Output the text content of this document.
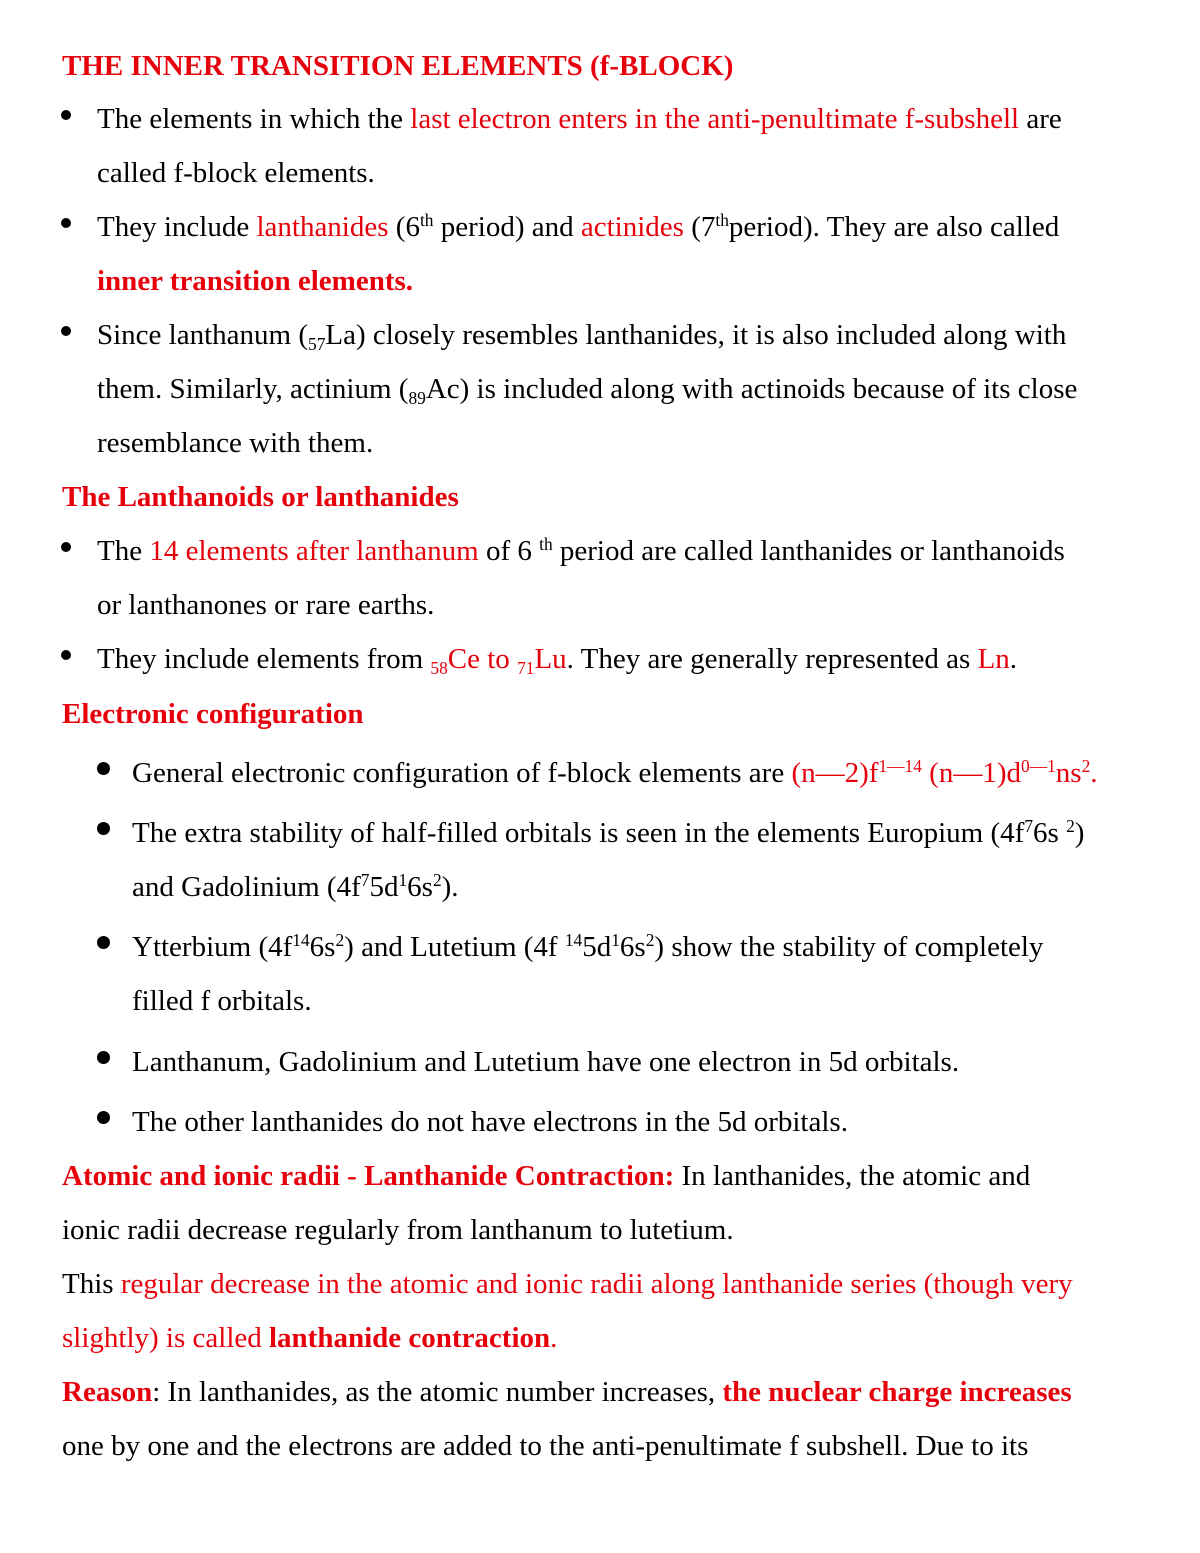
THE INNER TRANSITION ELEMENTS (f-BLOCK)
The elements in which the last electron enters in the anti-penultimate f-subshell are
called f-block elements.
They include lanthanides (6th period) and actinides (7thperiod). They are also called
inner transition elements.
Since lanthanum $(_{57}La)$ closely resembles lanthanides, it is also included along with
them. Similarly, actinium $(_{89}Ac)$ is included along with actinoids because of its close
resemblance with them.
The Lanthanoids or lanthanides
The 14 elements after lanthanum of 6 $^{th}$ period are called lanthanides or lanthanoids
or lanthanones or rare earths.
They include elements from $_{58}$Ce to $_{71}$Lu. They are generally represented as Ln.
Electronic configuration
General electronic configuration of f-block elements are $(n—2)f^{1—14}$ $(n—1)d^{0—1}ns^2$.
The extra stability of half-filled orbitals is seen in the elements Europium ($4f^76s$ $^2$)
and Gadolinium $(4f^75d^16s^2)$.
Ytterbium $(4f^{14}6s^2)$ and Lutetium (4f $^{14}5d^16s^2$) show the stability of completely
filled f orbitals.
Lanthanum, Gadolinium and Lutetium have one electron in 5d orbitals.
The other lanthanides do not have electrons in the 5d orbitals.
Atomic and ionic radii - Lanthanide Contraction: In lanthanides, the atomic and
ionic radii decrease regularly from lanthanum to lutetium.
This regular decrease in the atomic and ionic radii along lanthanide series (though very
slightly) is called lanthanide contraction.
Reason: In lanthanides, as the atomic number increases, the nuclear charge increases
one by one and the electrons are added to the anti-penultimate f subshell. Due to its
